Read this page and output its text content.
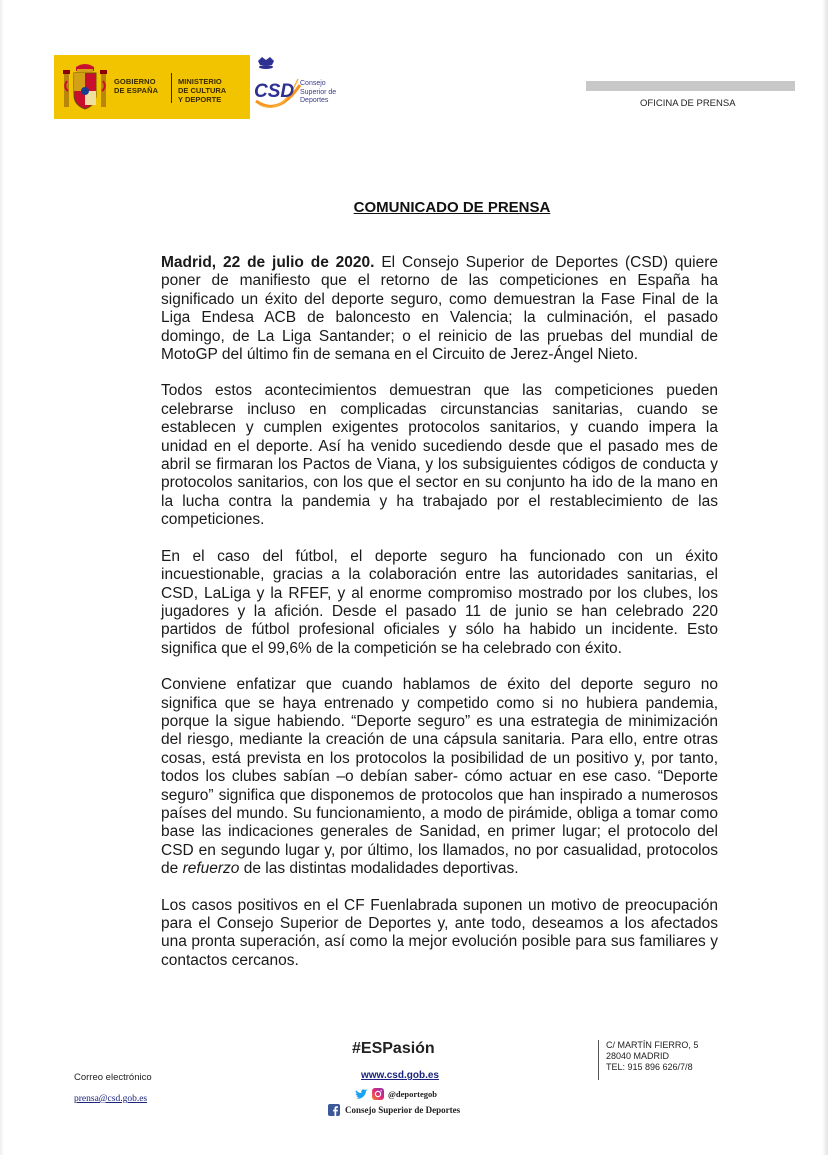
GOBIERNO
DE ESPAÑA
MINISTERIO
DE CULTURA
Y DEPORTE CSD Consejo
Superior de
Deportes	OFICINA DE PRENSA
COMUNICADO DE PRENSA

Madrid, 22 de julio de 2020. El Consejo Superior de Deportes (CSD) quiere poner de manifiesto que el retorno de las competiciones en España ha significado un éxito del deporte seguro, como demuestran la Fase Final de la Liga Endesa ACB de baloncesto en Valencia; la culminación, el pasado domingo, de La Liga Santander; o el reinicio de las pruebas del mundial de MotoGP del último fin de semana en el Circuito de Jerez-Ángel Nieto.

Todos estos acontecimientos demuestran que las competiciones pueden celebrarse incluso en complicadas circunstancias sanitarias, cuando se establecen y cumplen exigentes protocolos sanitarios, y cuando impera la unidad en el deporte. Así ha venido sucediendo desde que el pasado mes de abril se firmaran los Pactos de Viana, y los subsiguientes códigos de conducta y protocolos sanitarios, con los que el sector en su conjunto ha ido de la mano en la lucha contra la pandemia y ha trabajado por el restablecimiento de las competiciones.

En el caso del fútbol, el deporte seguro ha funcionado con un éxito incuestionable, gracias a la colaboración entre las autoridades sanitarias, el CSD, LaLiga y la RFEF, y al enorme compromiso mostrado por los clubes, los jugadores y la afición. Desde el pasado 11 de junio se han celebrado 220 partidos de fútbol profesional oficiales y sólo ha habido un incidente. Esto significa que el 99,6% de la competición se ha celebrado con éxito.

Conviene enfatizar que cuando hablamos de éxito del deporte seguro no significa que se haya entrenado y competido como si no hubiera pandemia, porque la sigue habiendo. “Deporte seguro” es una estrategia de minimización del riesgo, mediante la creación de una cápsula sanitaria. Para ello, entre otras cosas, está prevista en los protocolos la posibilidad de un positivo y, por tanto, todos los clubes sabían –o debían saber- cómo actuar en ese caso. “Deporte seguro” significa que disponemos de protocolos que han inspirado a numerosos países del mundo. Su funcionamiento, a modo de pirámide, obliga a tomar como base las indicaciones generales de Sanidad, en primer lugar; el protocolo del CSD en segundo lugar y, por último, los llamados, no por casualidad, protocolos de refuerzo de las distintas modalidades deportivas.

Los casos positivos en el CF Fuenlabrada suponen un motivo de preocupación para el Consejo Superior de Deportes y, ante todo, deseamos a los afectados una pronta superación, así como la mejor evolución posible para sus familiares y contactos cercanos.

#ESPasión
www.csd.gob.es
@deportegob
Consejo Superior de Deportes
Correo electrónico
prensa@csd.gob.es
C/ MARTÍN FIERRO, 5
28040 MADRID
TEL: 915 896 626/7/8
